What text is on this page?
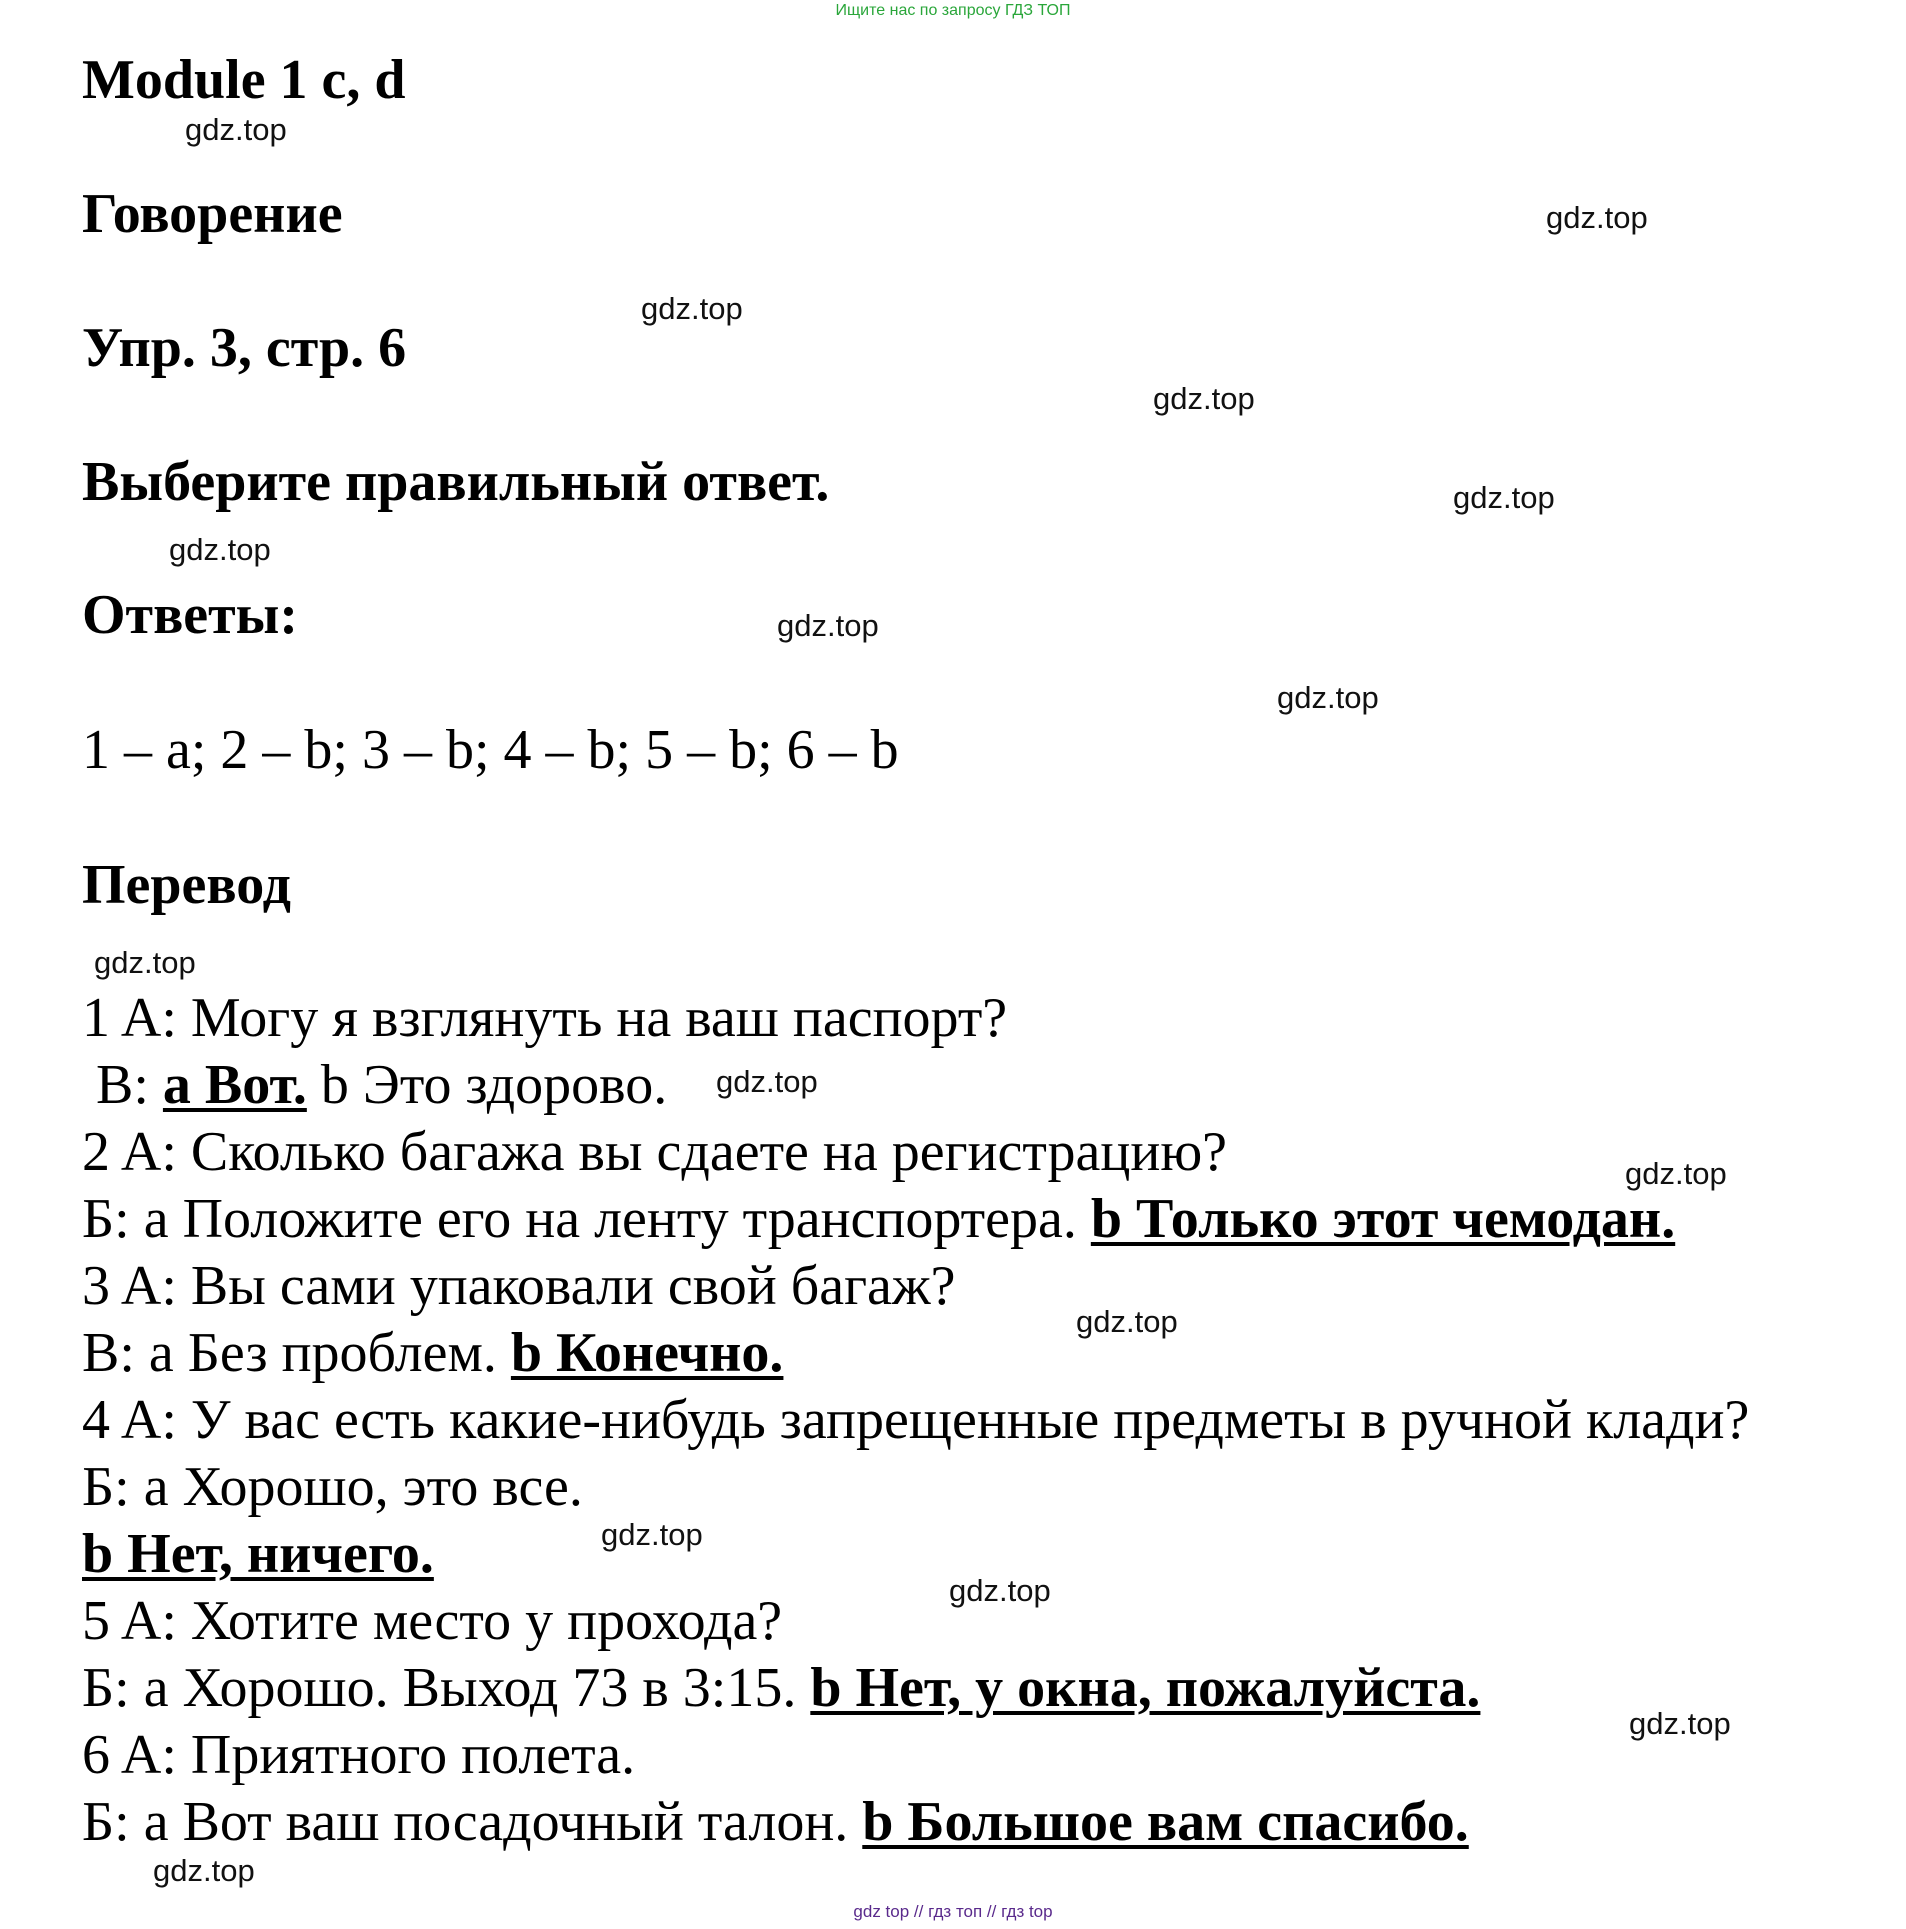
Ищите нас по запросу ГДЗ ТОП
Module 1 c, d
Говорение
Упр. 3, стр. 6
Выберите правильный ответ.
Ответы:
1 – a; 2 – b; 3 – b; 4 – b; 5 – b; 6 – b
Перевод
1 A: Могу я взглянуть на ваш паспорт?
В: a Вот. b Это здорово.
2 A: Сколько багажа вы сдаете на регистрацию?
Б: a Положите его на ленту транспортера. b Только этот чемодан.
3 A: Вы сами упаковали свой багаж?
В: a Без проблем. b Конечно.
4 A: У вас есть какие-нибудь запрещенные предметы в ручной клади?
Б: a Хорошо, это все.
b Нет, ничего.
5 A: Хотите место у прохода?
Б: a Хорошо. Выход 73 в 3:15. b Нет, у окна, пожалуйста.
6 A: Приятного полета.
Б: a Вот ваш посадочный талон. b Большое вам спасибо.
gdz.top
gdz.top
gdz.top
gdz.top
gdz.top
gdz.top
gdz.top
gdz.top
gdz.top
gdz.top
gdz.top
gdz.top
gdz.top
gdz.top
gdz.top
gdz.top
gdz top // гдз топ // гдз top
